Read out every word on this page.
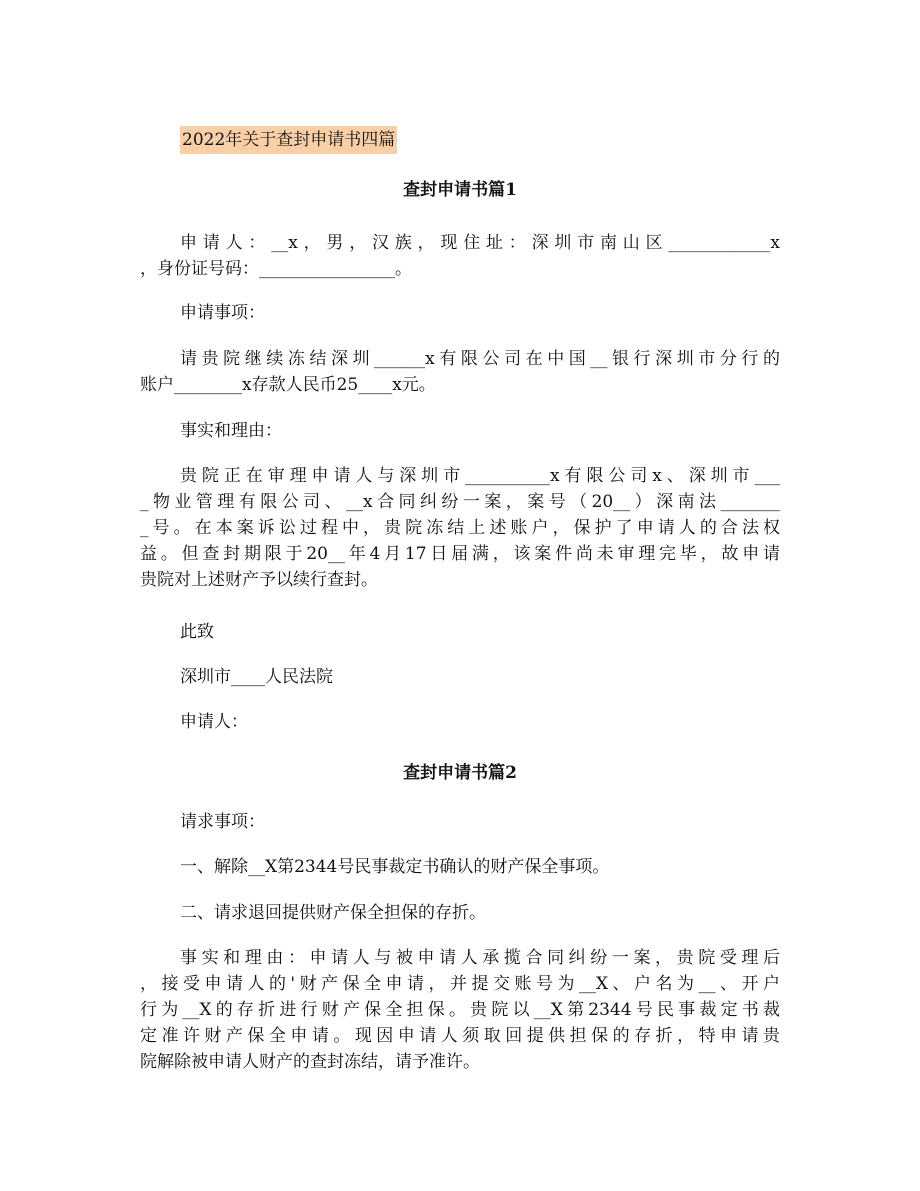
2022年关于查封申请书四篇
查封申请书篇1
申请人：__x，男，汉族，现住址：深圳市南山区____________x
，身份证号码：________________。
申请事项：
请贵院继续冻结深圳______x有限公司在中国__银行深圳市分行的
账户________x存款人民币25____x元。
事实和理由：
贵院正在审理申请人与深圳市__________x有限公司x、深圳市___
_物业管理有限公司、__x合同纠纷一案，案号（20__）深南法_______
_号。在本案诉讼过程中，贵院冻结上述账户，保护了申请人的合法权
益。但查封期限于20__年4月17日届满，该案件尚未审理完毕，故申请
贵院对上述财产予以续行查封。
此致
深圳市____人民法院
申请人：
查封申请书篇2
请求事项：
一、解除__X第2344号民事裁定书确认的财产保全事项。
二、请求退回提供财产保全担保的存折。
事实和理由：申请人与被申请人承揽合同纠纷一案，贵院受理后
，接受申请人的'财产保全申请，并提交账号为__X、户名为__、开户
行为__X的存折进行财产保全担保。贵院以__X第2344号民事裁定书裁
定准许财产保全申请。现因申请人须取回提供担保的存折，特申请贵
院解除被申请人财产的查封冻结，请予准许。
